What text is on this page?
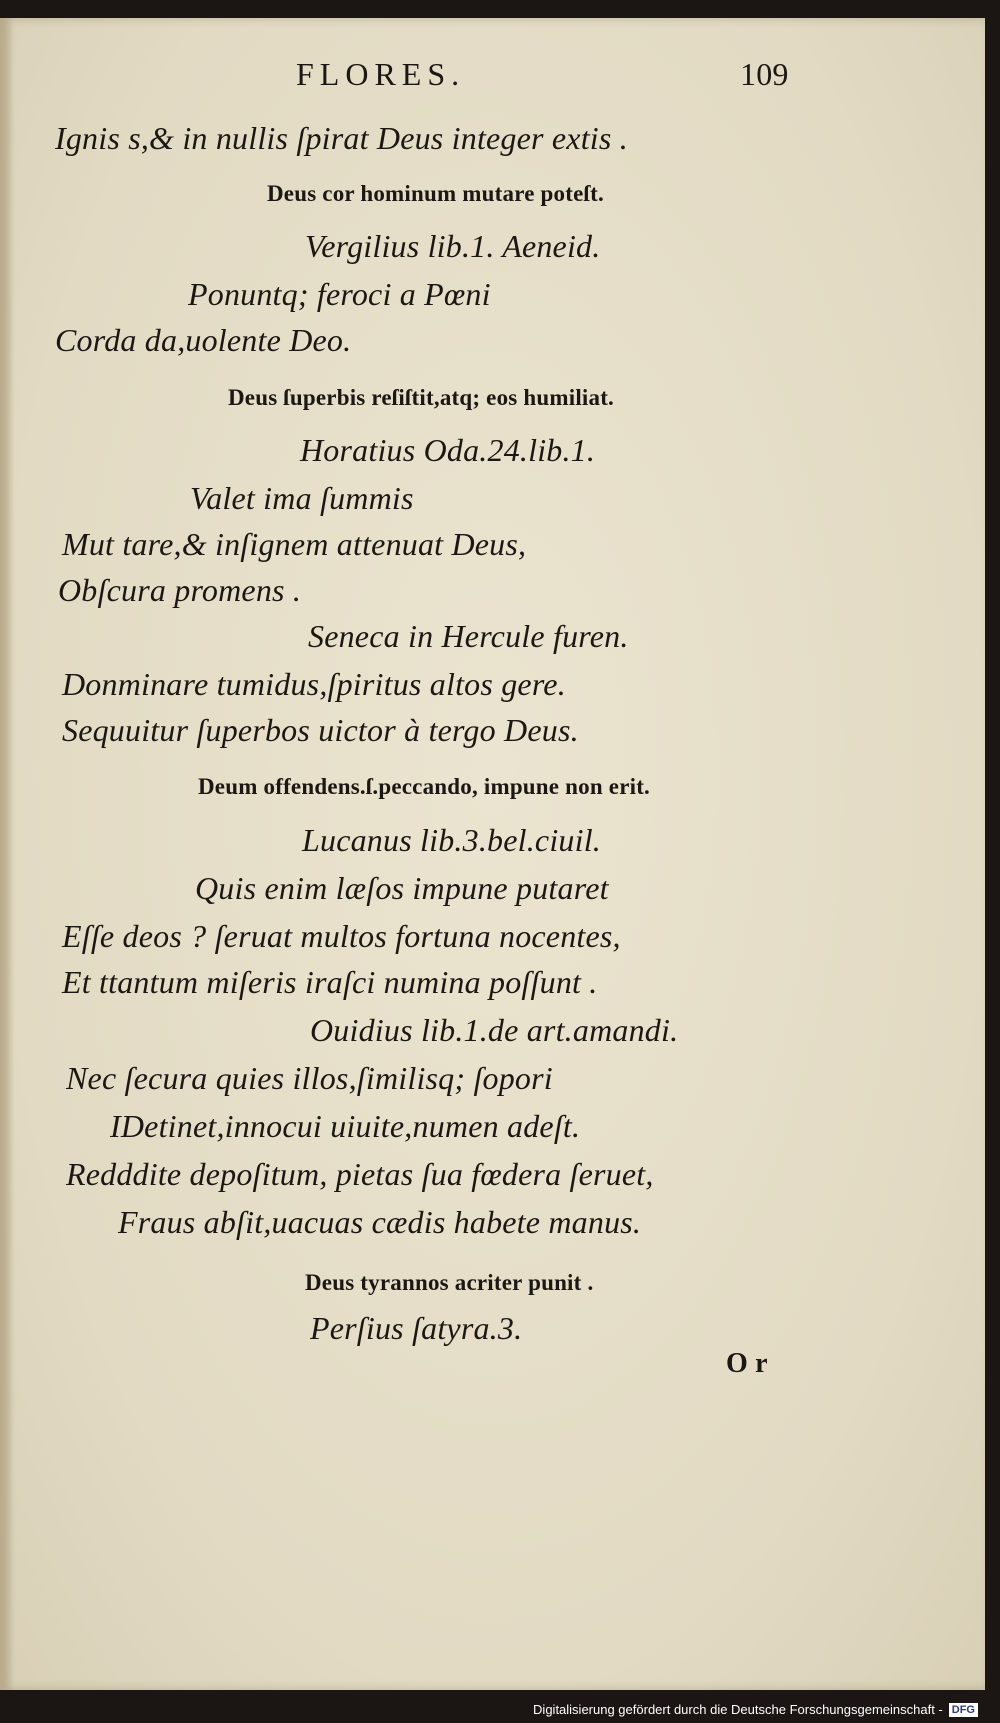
FLORES.	109
Ignis s,& in nullis ſpirat Deus integer extis .
Deus cor hominum mutare poteſt.
Vergilius lib.1. Aeneid.
Ponuntq; feroci a Pœni
Corda da,uolente Deo.
Deus ſuperbis reſiſtit,atq; eos humiliat.
Horatius Oda.24.lib.1.
Valet ima ſummis
Mut tare,& inſignem attenuat Deus,
Obſcura promens .
Seneca in Hercule furen.
Donminare tumidus,ſpiritus altos gere.
Sequuitur ſuperbos uictor à tergo Deus.
Deum offendens.ſ.peccando, impune non erit.
Lucanus lib.3.bel.ciuil.
Quis enim læſos impune putaret
Eſſe deos ? ſeruat multos fortuna nocentes,
Et ttantum miſeris iraſci numina poſſunt .
Ouidius lib.1.de art.amandi.
Nec ſecura quies illos,ſimilisq; ſopori
IDetinet,innocui uiuite,numen adeſt.
Redddite depoſitum, pietas ſua fœdera ſeruet,
Fraus abſit,uacuas cædis habete manus.
Deus tyrannos acriter punit .
Perſius ſatyra.3.
O r
Digitalisierung gefördert durch die Deutsche Forschungsgemeinschaft - DFG
